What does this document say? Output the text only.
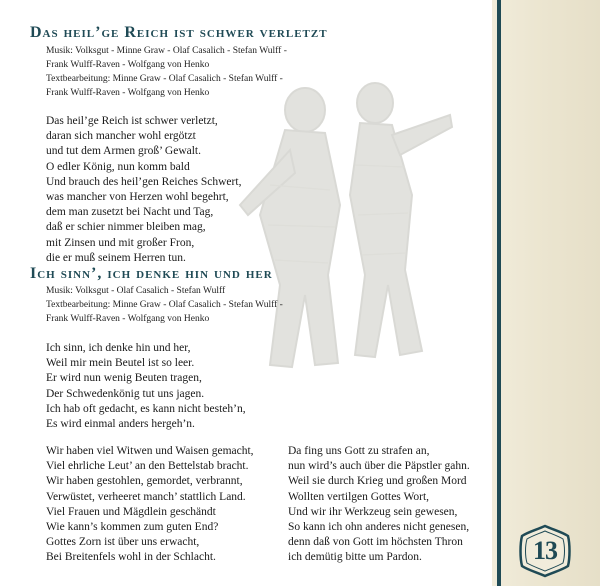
Das heil’ge Reich ist schwer verletzt
Musik: Volksgut - Minne Graw - Olaf Casalich - Stefan Wulff -
Frank Wulff-Raven - Wolfgang von Henko
Textbearbeitung: Minne Graw - Olaf Casalich - Stefan Wulff -
Frank Wulff-Raven - Wolfgang von Henko
Das heil’ge Reich ist schwer verletzt,
daran sich mancher wohl ergötzt
und tut dem Armen groß’ Gewalt.
O edler König, nun komm bald
Und brauch des heil’gen Reiches Schwert,
was mancher von Herzen wohl begehrt,
dem man zusetzt bei Nacht und Tag,
daß er schier nimmer bleiben mag,
mit Zinsen und mit großer Fron,
die er muß seinem Herren tun.
Ich sinn’, ich denke hin und her
Musik: Volksgut - Olaf Casalich - Stefan Wulff
Textbearbeitung: Minne Graw - Olaf Casalich - Stefan Wulff -
Frank Wulff-Raven - Wolfgang von Henko
Ich sinn, ich denke hin und her,
Weil mir mein Beutel ist so leer.
Er wird nun wenig Beuten tragen,
Der Schwedenkönig tut uns jagen.
Ich hab oft gedacht, es kann nicht besteh’n,
Es wird einmal anders hergeh’n.
Wir haben viel Witwen und Waisen gemacht,
Viel ehrliche Leut’ an den Bettelstab bracht.
Wir haben gestohlen, gemordet, verbrannt,
Verwüstet, verheeret manch’ stattlich Land.
Viel Frauen und Mägdlein geschändt
Wie kann’s kommen zum guten End?
Gottes Zorn ist über uns erwacht,
Bei Breitenfels wohl in der Schlacht.
Da fing uns Gott zu strafen an,
nun wird’s auch über die Päpstler gahn.
Weil sie durch Krieg und großen Mord
Wollten vertilgen Gottes Wort,
Und wir ihr Werkzeug sein gewesen,
So kann ich ohn anderes nicht genesen,
denn daß von Gott im höchsten Thron
ich demütig bitte um Pardon.	13
